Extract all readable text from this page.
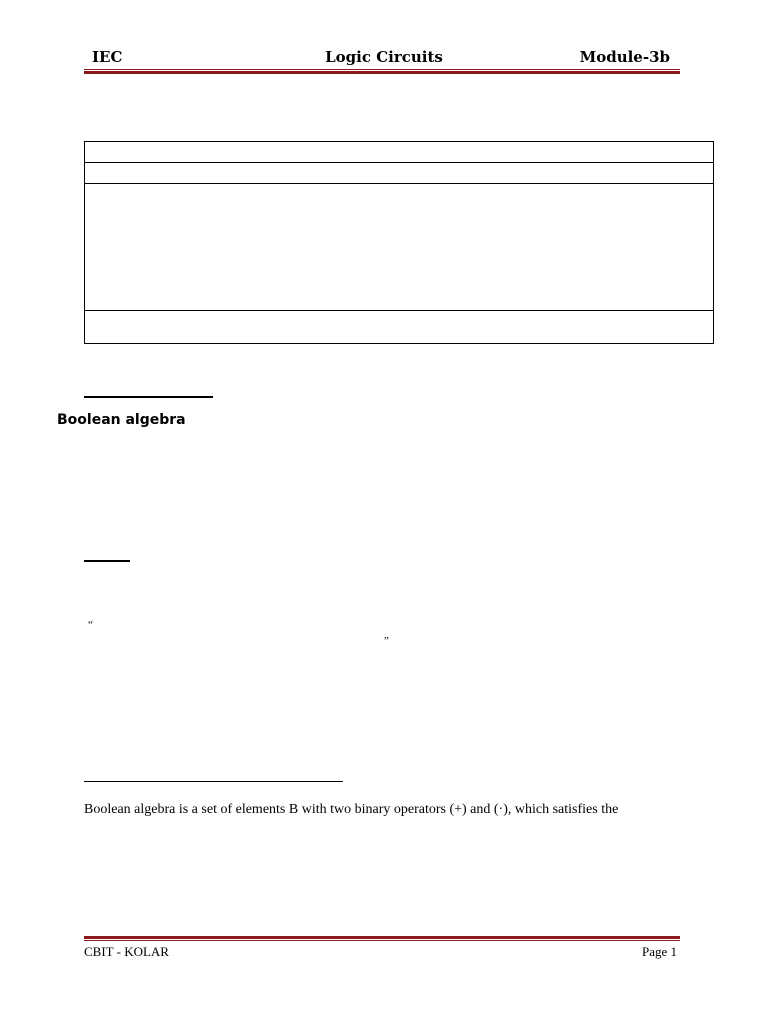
IEC	Logic Circuits	Module-3b

Boolean algebra
“
”
Boolean algebra is a set of elements B with two binary operators (+) and (·), which satisfies the
CBIT - KOLAR	Page 1
